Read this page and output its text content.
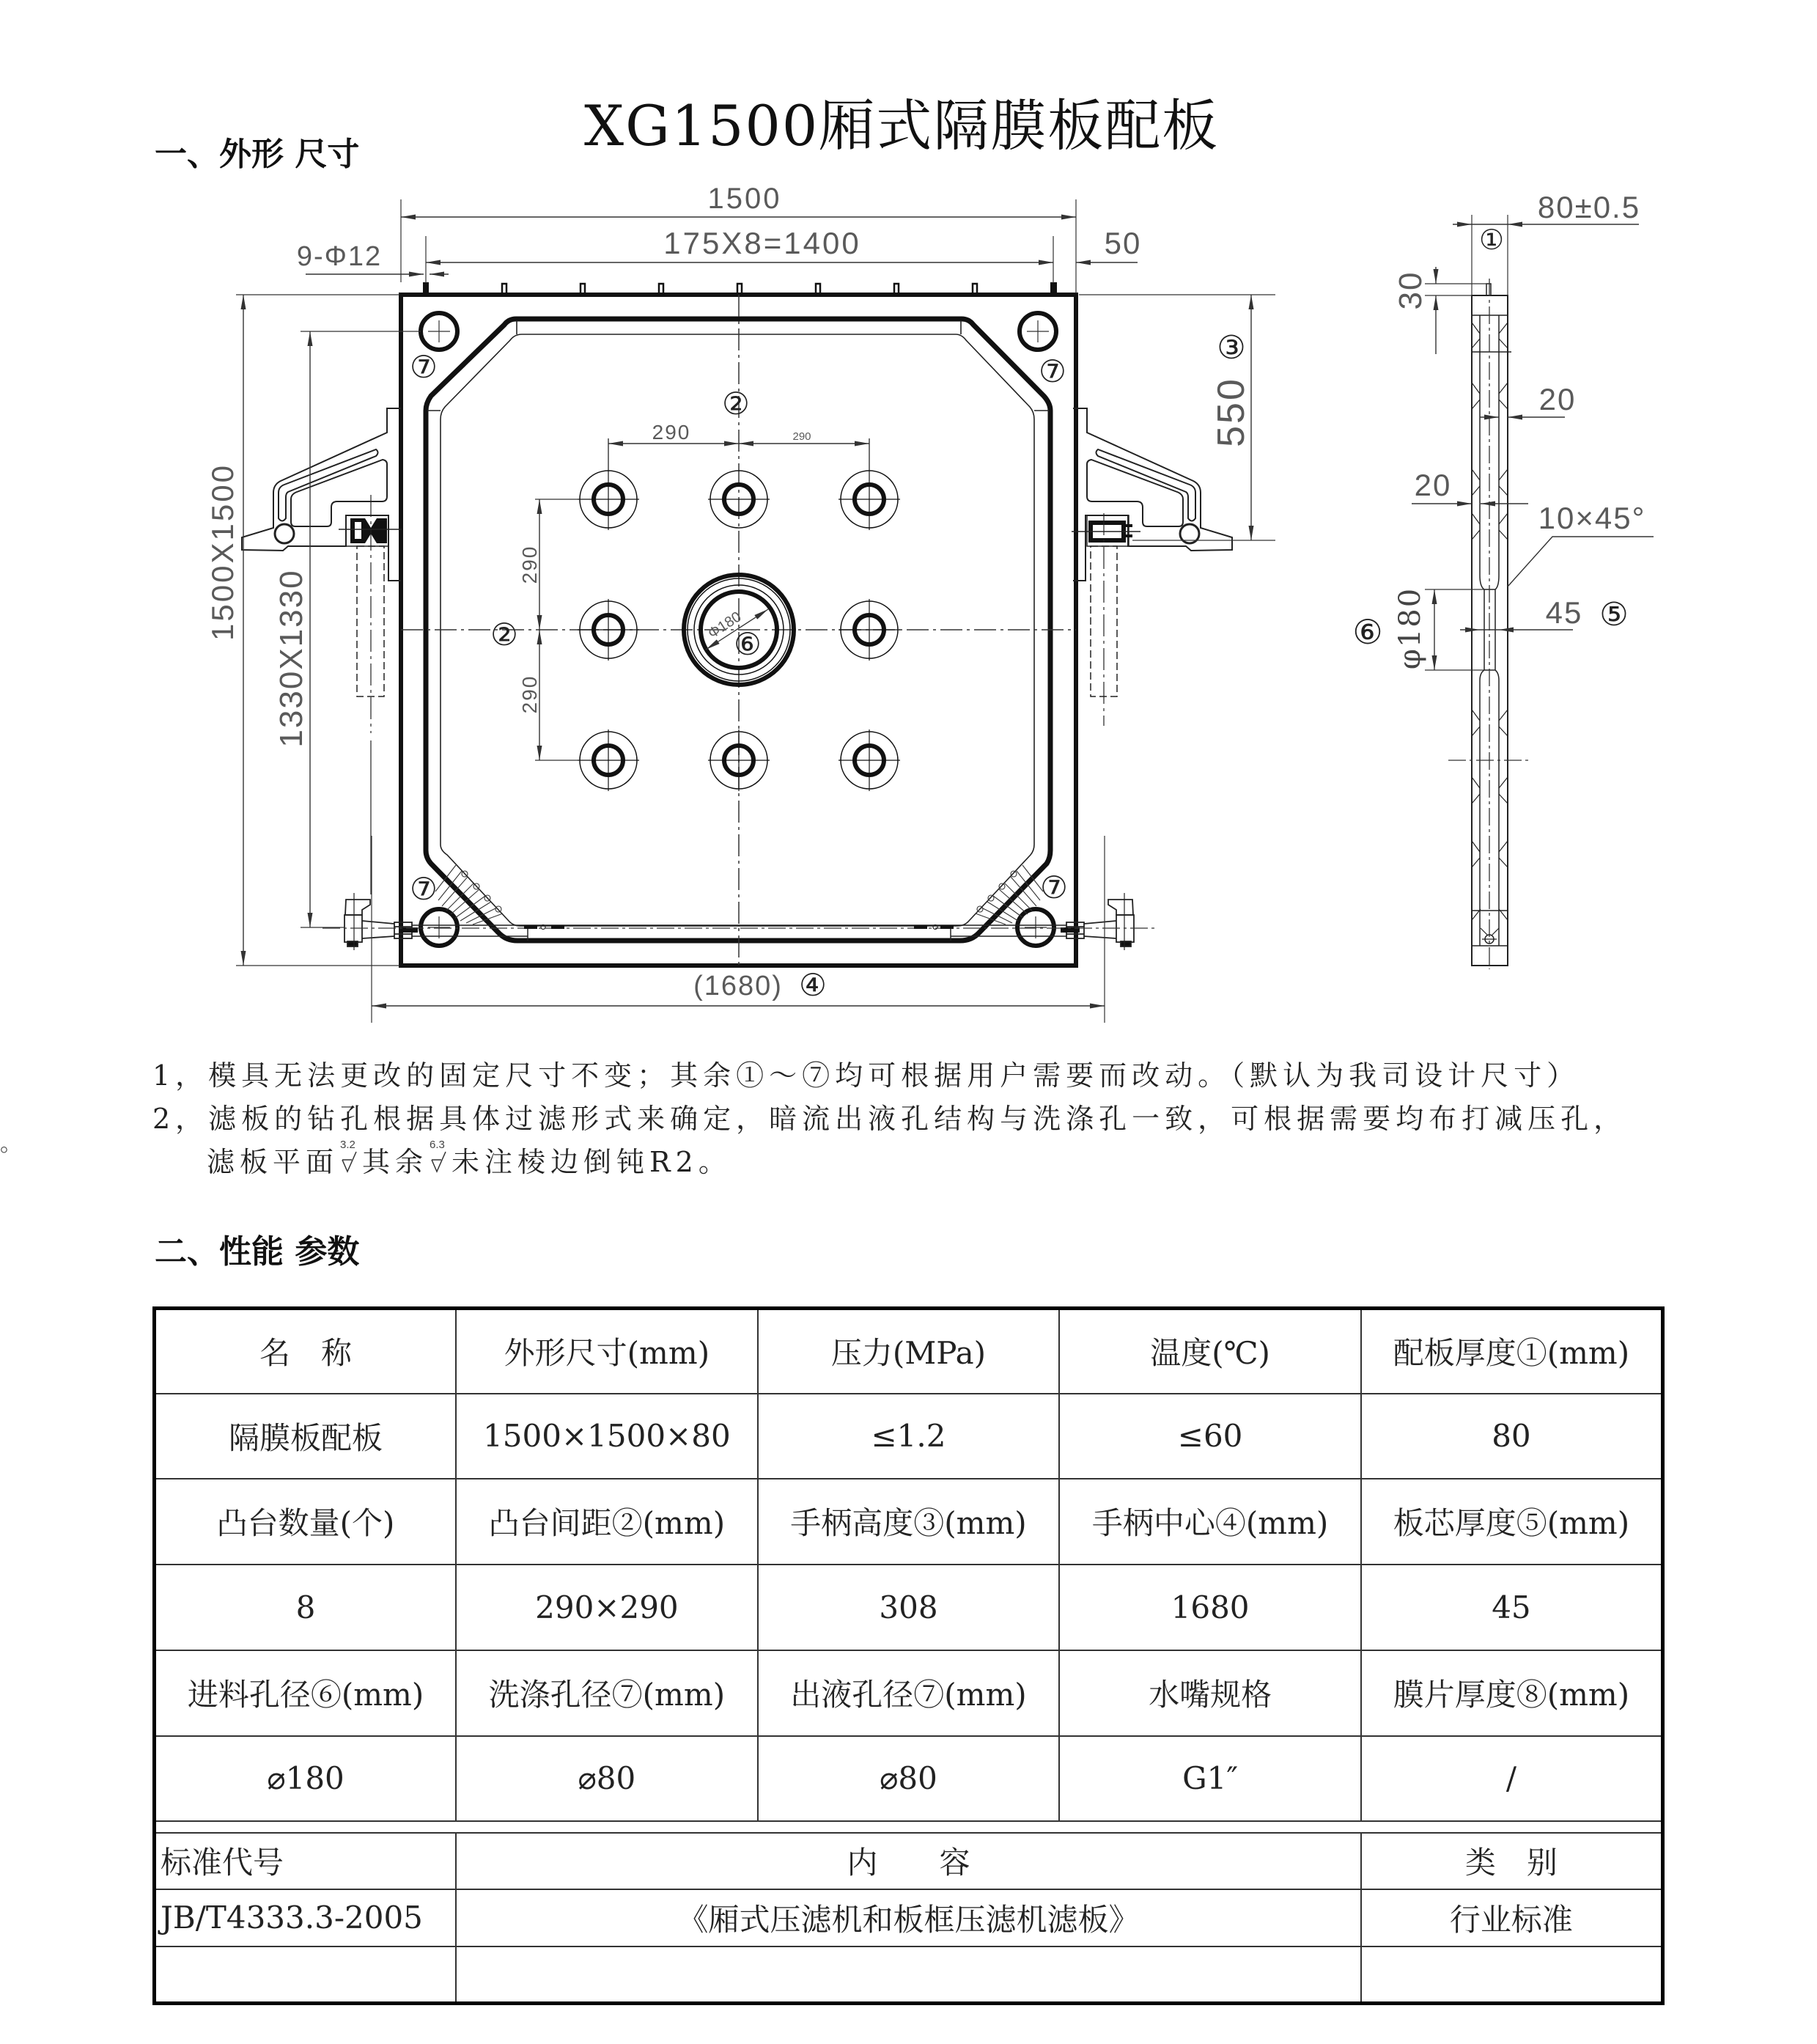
XG1500厢式隔膜板配板
一、外形 尺寸
Φ180
1500
175X8=1400	50
9-Φ12
1500X1500
1330X1330
290	290
290
290
550
(1680)
⑦	⑦
⑦	⑦
②
②	⑥
③
④
80±0.5
①
30
20
20
10×45°
45 ⑤
φ180
⑥
1，模具无法更改的固定尺寸不变；其余①～⑦均可根据用户需要而改动。（默认为我司设计尺寸）
2，滤板的钻孔根据具体过滤形式来确定，暗流出液孔结构与洗涤孔一致，可根据需要均布打减压孔，
滤板平面
3.2
其余
6.3
未注棱边倒钝R2。
。
二、性能 参数
名　称	外形尺寸(mm)	压力(MPa)	温度(℃)	配板厚度①(mm)
隔膜板配板	1500×1500×80	≤1.2	≤60	80
凸台数量(个)	凸台间距②(mm)	手柄高度③(mm)	手柄中心④(mm)	板芯厚度⑤(mm)
8	290×290	308	1680	45
进料孔径⑥(mm)	洗涤孔径⑦(mm)	出液孔径⑦(mm)	水嘴规格	膜片厚度⑧(mm)
⌀180	⌀80	⌀80	G1″	/

标准代号	内　　容			类　别
JB/T4333.3-2005	《厢式压滤机和板框压滤机滤板》			行业标准
